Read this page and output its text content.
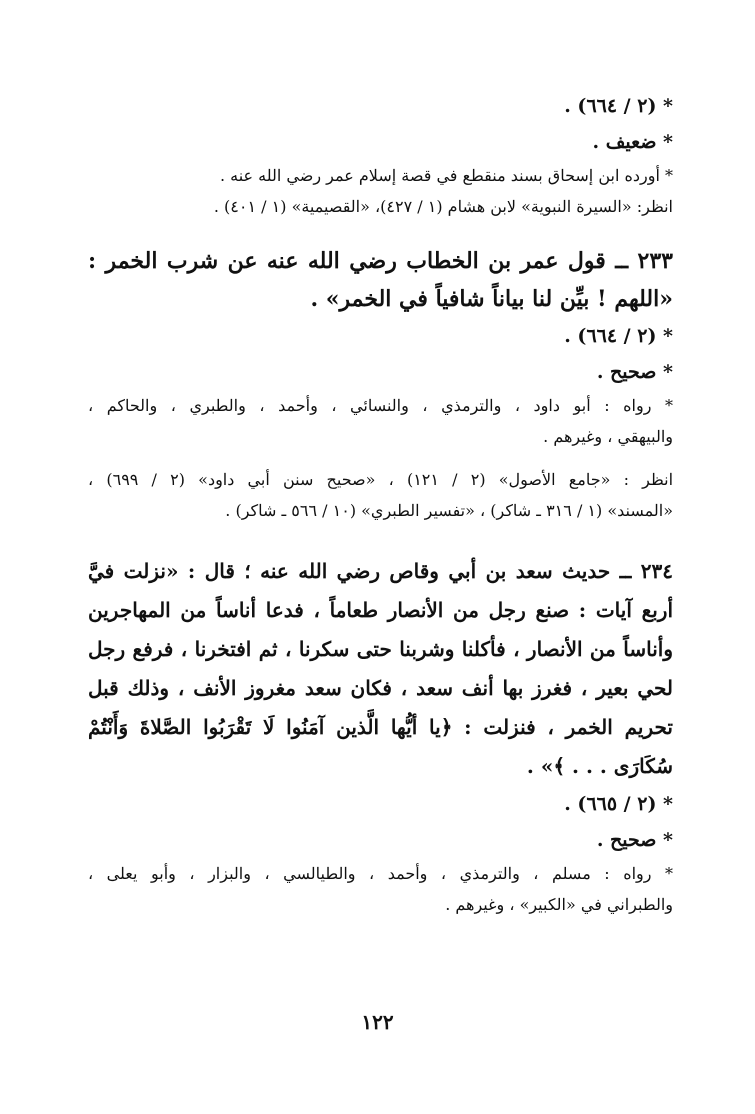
* (٢ / ٦٦٤) .
* ضعيف .
* أورده ابن إسحاق بسند منقطع في قصة إسلام عمر رضي الله عنه .
انظر: «السيرة النبوية» لابن هشام (١ / ٤٢٧)، «القصيمية» (١ / ٤٠١) .
٢٣٣ ــ قول عمر بن الخطاب رضي الله عنه عن شرب الخمر :
«اللهم ! بيِّن لنا بياناً شافياً في الخمر» .
* (٢ / ٦٦٤) .
* صحيح .
* رواه : أبو داود ، والترمذي ، والنسائي ، وأحمد ، والطبري ، والحاكم ،
والبيهقي ، وغيرهم .
انظر : «جامع الأصول» (٢ / ١٢١) ، «صحيح سنن أبي داود» (٢ / ٦٩٩) ،
«المسند» (١ / ٣١٦ ـ شاكر) ، «تفسير الطبري» (١٠ / ٥٦٦ ـ شاكر) .
٢٣٤ ــ حديث سعد بن أبي وقاص رضي الله عنه ؛ قال : «نزلت فيَّ
أربع آيات : صنع رجل من الأنصار طعاماً ، فدعا أناساً من المهاجرين
وأناساً من الأنصار ، فأكلنا وشربنا حتى سكرنا ، ثم افتخرنا ، فرفع رجل
لحي بعير ، فغرز بها أنف سعد ، فكان سعد مغروز الأنف ، وذلك قبل
تحريم الخمر ، فنزلت : ﴿يا أيُّها الَّذين آمَنُوا لَا تَقْرَبُوا الصَّلاةَ وَأَنْتُمْ
سُكَارَى . . . ﴾» .
* (٢ / ٦٦٥) .
* صحيح .
* رواه : مسلم ، والترمذي ، وأحمد ، والطيالسي ، والبزار ، وأبو يعلى ،
والطبراني في «الكبير» ، وغيرهم .
١٢٢
